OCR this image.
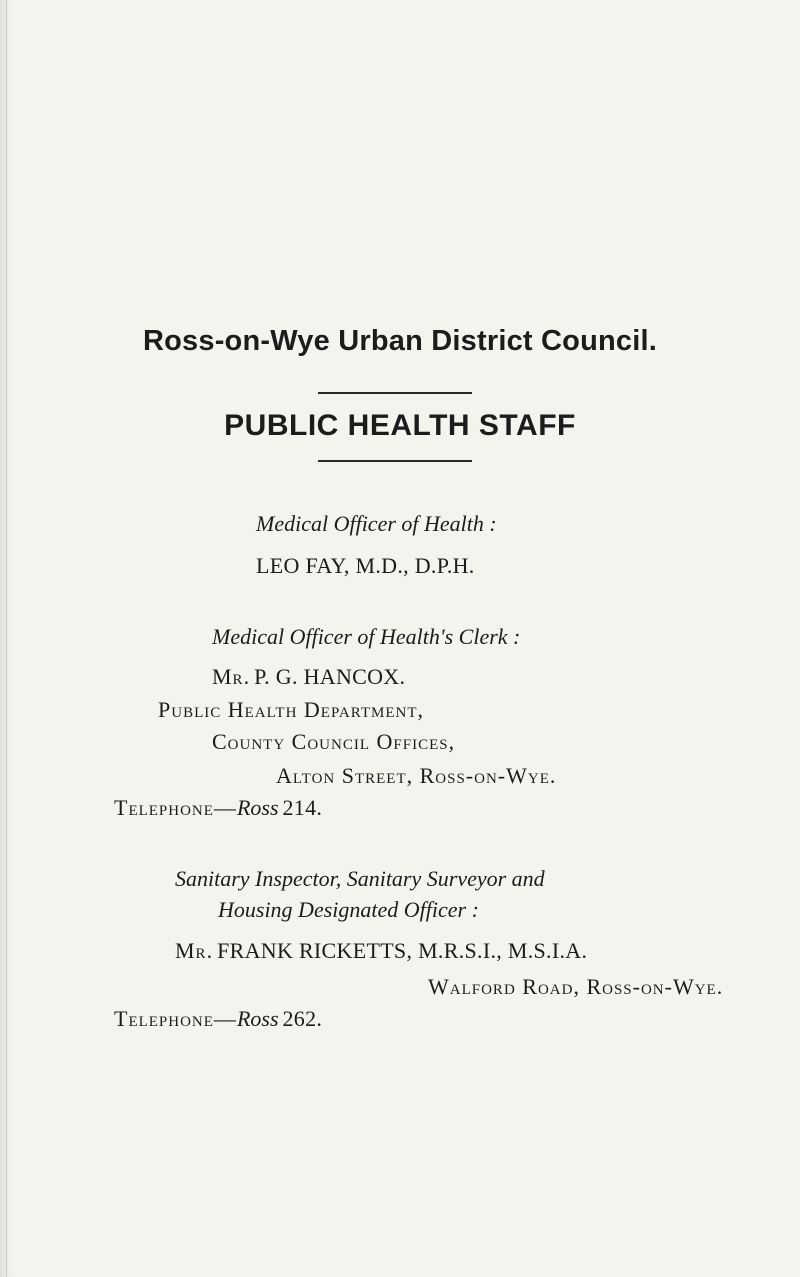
Ross-on-Wye Urban District Council.
PUBLIC HEALTH STAFF
Medical Officer of Health :
LEO FAY, M.D., D.P.H.
Medical Officer of Health's Clerk :
Mr. P. G. HANCOX.
Public Health Department,
County Council Offices,
Alton Street, Ross-on-Wye.
Telephone—Ross 214.
Sanitary Inspector, Sanitary Surveyor and
Housing Designated Officer :
Mr. FRANK RICKETTS, M.R.S.I., M.S.I.A.
Walford Road, Ross-on-Wye.
Telephone—Ross 262.
